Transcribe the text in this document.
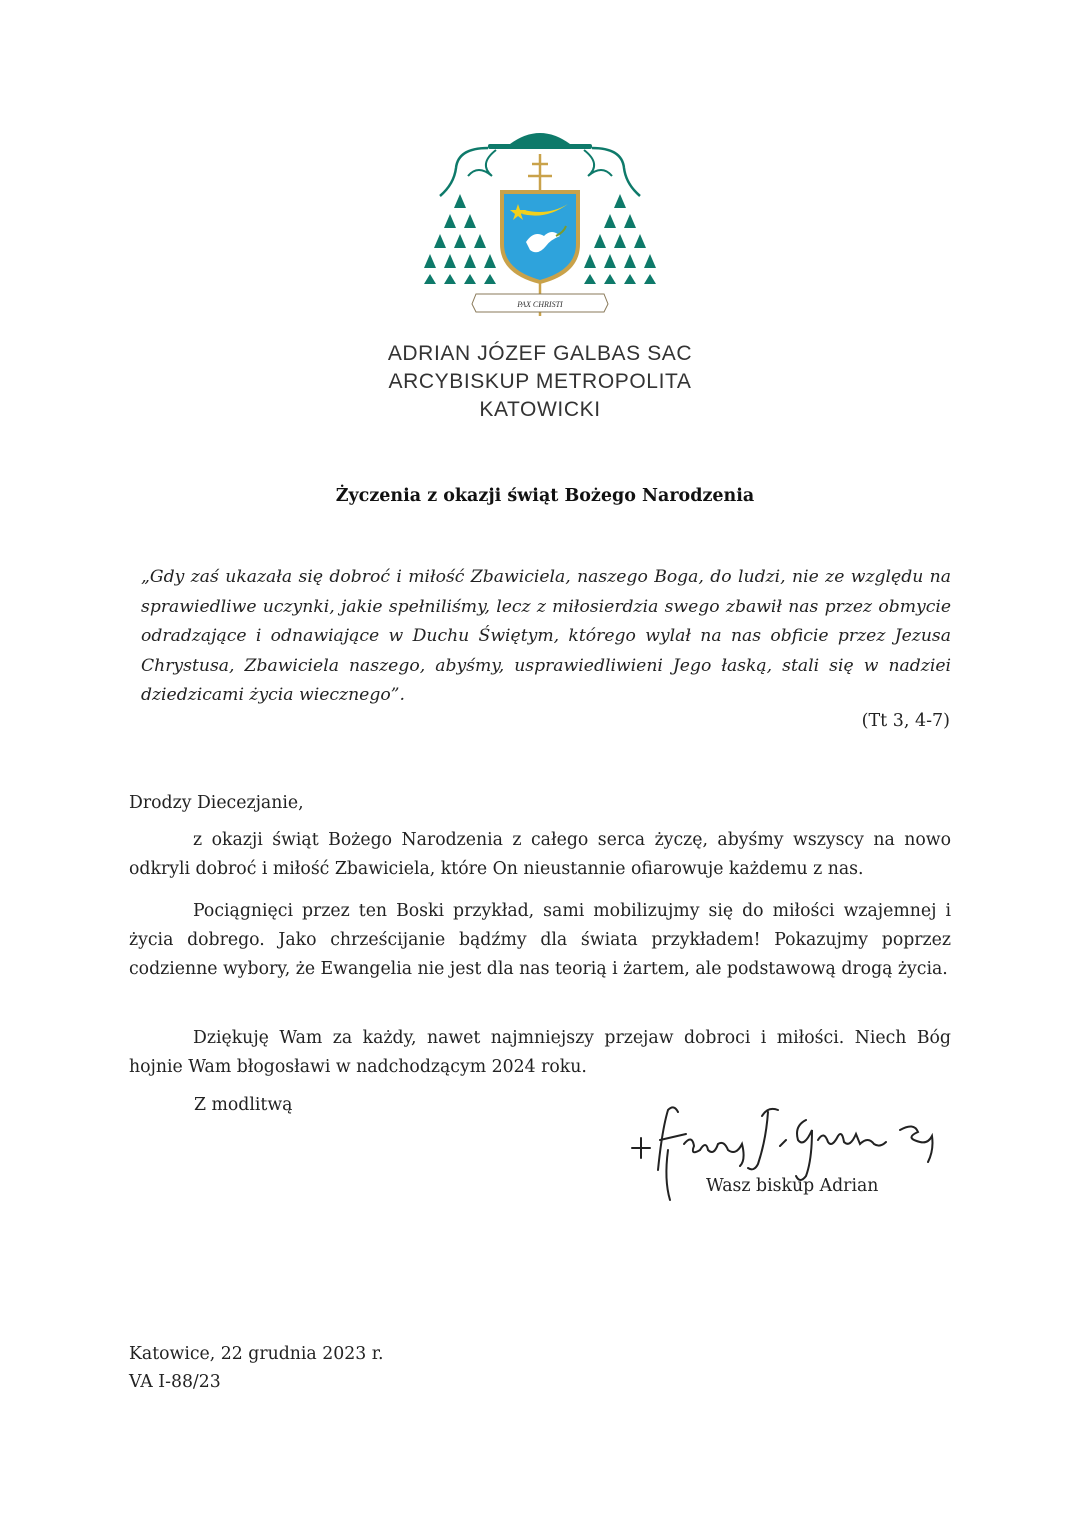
PAX CHRISTI
ADRIAN JÓZEF GALBAS SAC
ARCYBISKUP METROPOLITA
KATOWICKI
Życzenia z okazji świąt Bożego Narodzenia
„Gdy zaś ukazała się dobroć i miłość Zbawiciela, naszego Boga, do ludzi, nie ze względu na sprawiedliwe uczynki, jakie spełniliśmy, lecz z miłosierdzia swego zbawił nas przez obmycie odradzające i odnawiające w Duchu Świętym, którego wylał na nas obficie przez Jezusa Chrystusa, Zbawiciela naszego, abyśmy, usprawiedliwieni Jego łaską, stali się w nadziei dziedzicami życia wiecznego”.
(Tt 3, 4-7)
Drodzy Diecezjanie,
z okazji świąt Bożego Narodzenia z całego serca życzę, abyśmy wszyscy na nowo odkryli dobroć i miłość Zbawiciela, które On nieustannie ofiarowuje każdemu z nas.
Pociągnięci przez ten Boski przykład, sami mobilizujmy się do miłości wzajemnej i życia dobrego. Jako chrześcijanie bądźmy dla świata przykładem! Pokazujmy poprzez codzienne wybory, że Ewangelia nie jest dla nas teorią i żartem, ale podstawową drogą życia.
Dziękuję Wam za każdy, nawet najmniejszy przejaw dobroci i miłości. Niech Bóg hojnie Wam błogosławi w nadchodzącym 2024 roku.
Z modlitwą
Wasz biskup Adrian
Katowice, 22 grudnia 2023 r.
VA I-88/23
